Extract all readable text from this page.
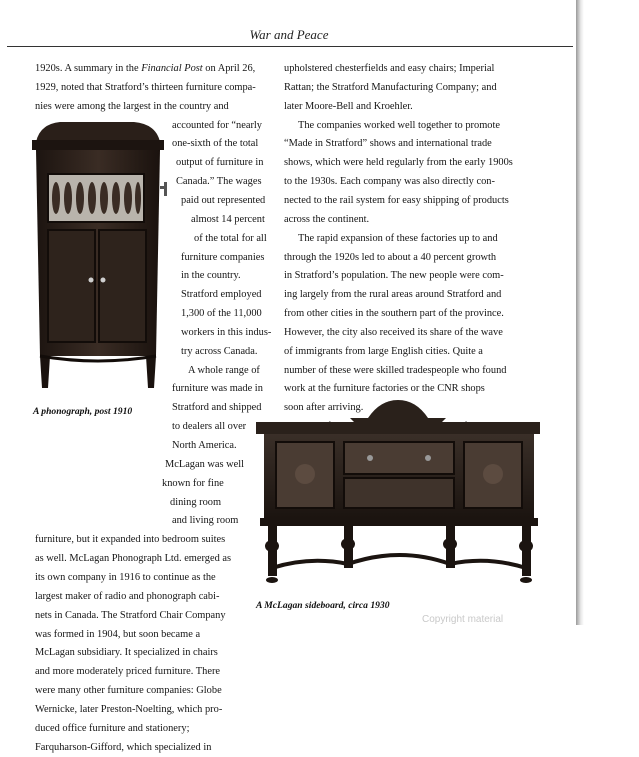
War and Peace
1920s. A summary in the Financial Post on April 26,
1929, noted that Stratford’s thirteen furniture compa-
nies were among the largest in the country and
accounted for “nearly
one-sixth of the total
output of furniture in
Canada.” The wages
paid out represented
almost 14 percent
of the total for all
furniture companies
in the country.
Stratford employed
1,300 of the 11,000
workers in this indus-
try across Canada.
A whole range of
furniture was made in
Stratford and shipped
to dealers all over
North America.
McLagan was well
known for fine
dining room
and living room
furniture, but it expanded into bedroom suites
as well. McLagan Phonograph Ltd. emerged as
its own company in 1916 to continue as the
largest maker of radio and phonograph cabi-
nets in Canada. The Stratford Chair Company
was formed in 1904, but soon became a
McLagan subsidiary. It specialized in chairs
and more moderately priced furniture. There
were many other furniture companies: Globe
Wernicke, later Preston-Noelting, which pro-
duced office furniture and stationery;
Farquharson-Gifford, which specialized in
upholstered chesterfields and easy chairs; Imperial
Rattan; the Stratford Manufacturing Company; and
later Moore-Bell and Kroehler.
The companies worked well together to promote
“Made in Stratford” shows and international trade
shows, which were held regularly from the early 1900s
to the 1930s. Each company was also directly con-
nected to the rail system for easy shipping of products
across the continent.
The rapid expansion of these factories up to and
through the 1920s led to about a 40 percent growth
in Stratford’s population. The new people were com-
ing largely from the rural areas around Stratford and
from other cities in the southern part of the province.
However, the city also received its share of the wave
of immigrants from large English cities. Quite a
number of these were skilled tradespeople who found
work at the furniture factories or the CNR shops
soon after arriving.
A phonograph, post 1910
A McLagan sideboard, circa 1930
Copyright material
